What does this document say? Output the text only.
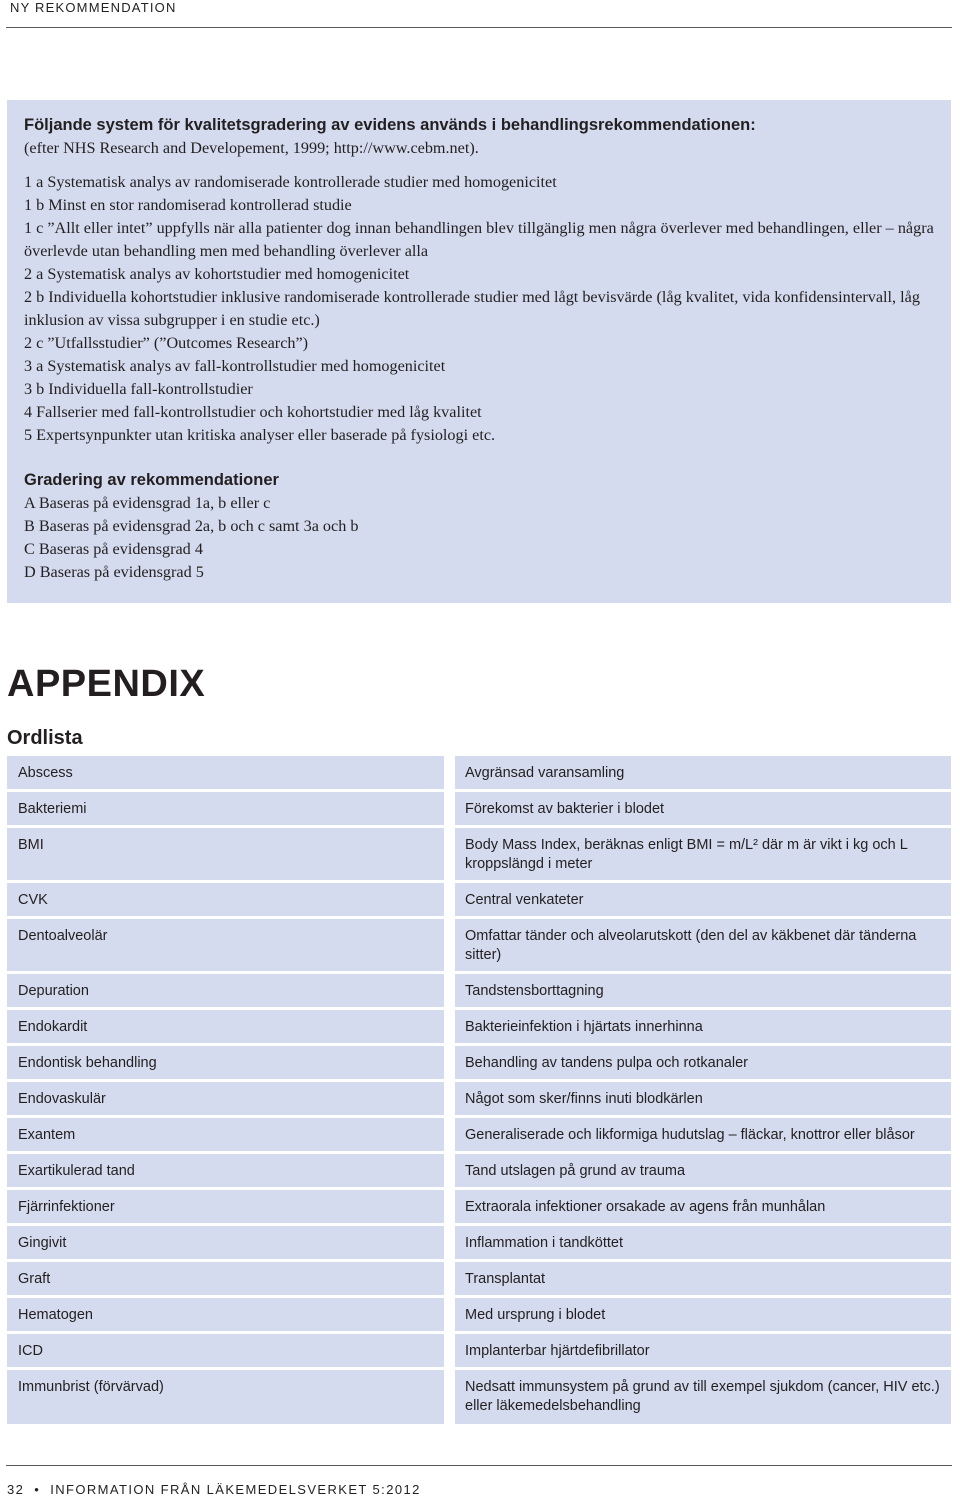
NY REKOMMENDATION

Följande system för kvalitetsgradering av evidens används i behandlingsrekommendationen:

(efter NHS Research and Developement, 1999; http://www.cebm.net).

1 a Systematisk analys av randomiserade kontrollerade studier med homogenicitet
1 b Minst en stor randomiserad kontrollerad studie
1 c ”Allt eller intet” uppfylls när alla patienter dog innan behandlingen blev tillgänglig men några överlever med behandlingen, eller – några överlevde utan behandling men med behandling överlever alla
2 a Systematisk analys av kohortstudier med homogenicitet
2 b Individuella kohortstudier inklusive randomiserade kontrollerade studier med lågt bevisvärde (låg kvalitet, vida konfidensintervall, låg inklusion av vissa subgrupper i en studie etc.)
2 c ”Utfallsstudier” (”Outcomes Research”)
3 a Systematisk analys av fall-kontrollstudier med homogenicitet
3 b Individuella fall-kontrollstudier
4 Fallserier med fall-kontrollstudier och kohortstudier med låg kvalitet
5 Expertsynpunkter utan kritiska analyser eller baserade på fysiologi etc.

Gradering av rekommendationer

A Baseras på evidensgrad 1a, b eller c
B Baseras på evidensgrad 2a, b och c samt 3a och b
C Baseras på evidensgrad 4
D Baseras på evidensgrad 5
APPENDIX
Ordlista
Abscess	Avgränsad varansamling
Bakteriemi	Förekomst av bakterier i blodet
BMI	Body Mass Index, beräknas enligt BMI = m/L² där m är vikt i kg och L kroppslängd i meter
CVK	Central venkateter
Dentoalveolär	Omfattar tänder och alveolarutskott (den del av käkbenet där tänderna sitter)
Depuration	Tandstensborttagning
Endokardit	Bakterieinfektion i hjärtats innerhinna
Endontisk behandling	Behandling av tandens pulpa och rotkanaler
Endovaskulär	Något som sker/finns inuti blodkärlen
Exantem	Generaliserade och likformiga hudutslag – fläckar, knottror eller blåsor
Exartikulerad tand	Tand utslagen på grund av trauma
Fjärrinfektioner	Extraorala infektioner orsakade av agens från munhålan
Gingivit	Inflammation i tandköttet
Graft	Transplantat
Hematogen	Med ursprung i blodet
ICD	Implanterbar hjärtdefibrillator
Immunbrist (förvärvad)	Nedsatt immunsystem på grund av till exempel sjukdom (cancer, HIV etc.) eller läkemedelsbehandling
32 • INFORMATION FRÅN LÄKEMEDELSVERKET 5:2012
